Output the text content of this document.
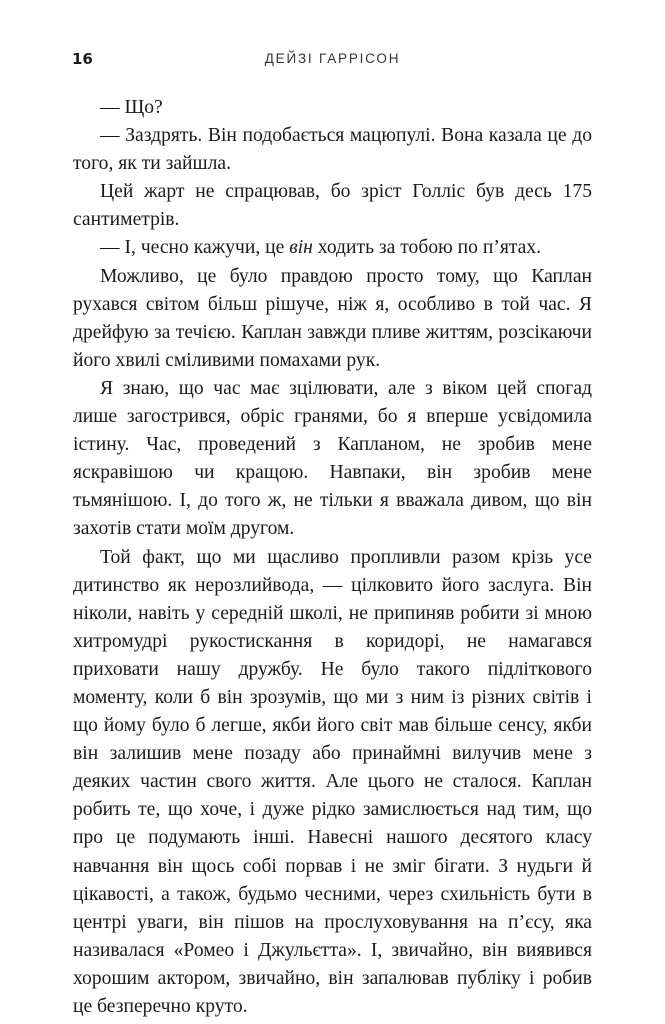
16	ДЕЙЗІ ГАРРІСОН

— Що?

— Заздрять. Він подобається мацюпулі. Вона казала це до того, як ти зайшла.

Цей жарт не спрацював, бо зріст Голліс був десь 175 сантиметрів.

— І, чесно кажучи, це він ходить за тобою по п’ятах.

Можливо, це було правдою просто тому, що Каплан рухався світом більш рішуче, ніж я, особливо в той час. Я дрейфую за течією. Каплан завжди пливе життям, розсікаючи його хвилі сміливими помахами рук.

Я знаю, що час має зцілювати, але з віком цей спогад лише загострився, обріс гранями, бо я вперше усвідомила істину. Час, проведений з Капланом, не зробив мене яскравішою чи кращою. Навпаки, він зробив мене тьмянішою. І, до того ж, не тільки я вважала дивом, що він захотів стати моїм другом.

Той факт, що ми щасливо пропливли разом крізь усе дитинство як нерозлийвода, — цілковито його заслуга. Він ніколи, навіть у середній школі, не припиняв робити зі мною хитромудрі рукостискання в коридорі, не намагався приховати нашу дружбу. Не було такого підліткового моменту, коли б він зрозумів, що ми з ним із різних світів і що йому було б легше, якби його світ мав більше сенсу, якби він залишив мене позаду або принаймні вилучив мене з деяких частин свого життя. Але цього не сталося. Каплан робить те, що хоче, і дуже рідко замислюється над тим, що про це подумають інші. Навесні нашого десятого класу навчання він щось собі порвав і не зміг бігати. З нудьги й цікавості, а також, будьмо чесними, через схильність бути в центрі уваги, він пішов на прослуховування на п’єсу, яка називалася «Ромео і Джульєтта». І, звичайно, він виявився хорошим актором, звичайно, він запалював публіку і робив це безперечно круто.
